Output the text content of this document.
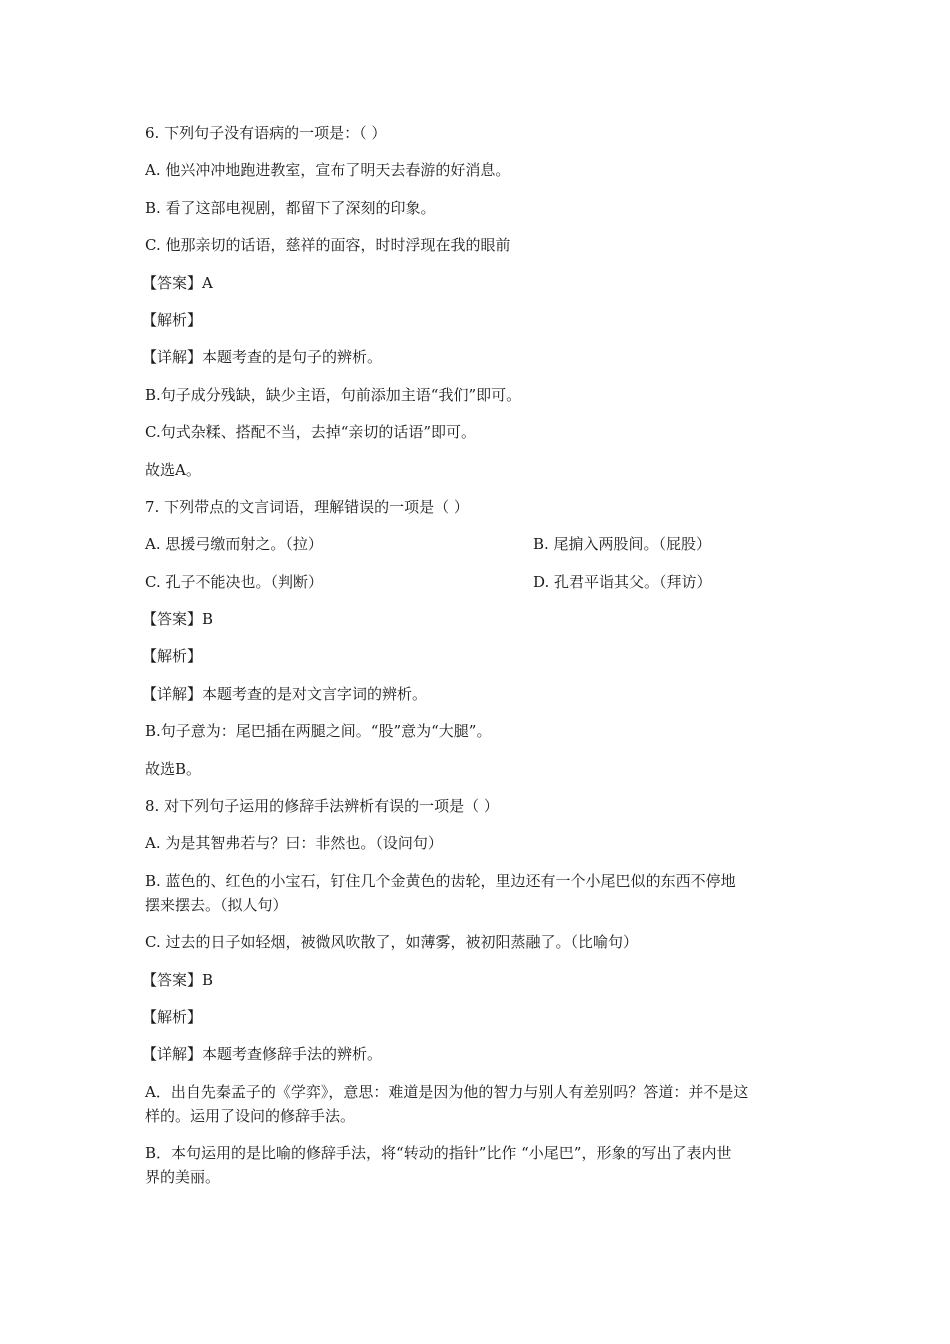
6. 下列句子没有语病的一项是：（ ）
A. 他兴冲冲地跑进教室，宣布了明天去春游的好消息。
B. 看了这部电视剧，都留下了深刻的印象。
C. 他那亲切的话语，慈祥的面容，时时浮现在我的眼前
【答案】A
【解析】
【详解】本题考查的是句子的辨析。
B.句子成分残缺，缺少主语，句前添加主语“我们”即可。
C.句式杂糅、搭配不当，去掉“亲切的话语”即可。
故选A。
7. 下列带点的文言词语，理解错误的一项是（ ）
A. 思援弓缴而射之。（拉）	B. 尾掮入两股间。（屁股）
C. 孔子不能决也。（判断）	D. 孔君平诣其父。（拜访）
【答案】B
【解析】
【详解】本题考查的是对文言字词的辨析。
B.句子意为：尾巴插在两腿之间。“股”意为“大腿”。
故选B。
8. 对下列句子运用的修辞手法辨析有误的一项是（ ）
A. 为是其智弗若与？曰：非然也。（设问句）
B. 蓝色的、红色的小宝石，钉住几个金黄色的齿轮，里边还有一个小尾巴似的东西不停地
摆来摆去。（拟人句）
C. 过去的日子如轻烟，被微风吹散了，如薄雾，被初阳蒸融了。（比喻句）
【答案】B
【解析】
【详解】本题考查修辞手法的辨析。
A．出自先秦孟子的《学弈》，意思：难道是因为他的智力与别人有差别吗？答道：并不是这
样的。运用了设问的修辞手法。
B．本句运用的是比喻的修辞手法，将“转动的指针”比作 “小尾巴”，形象的写出了表内世
界的美丽。
